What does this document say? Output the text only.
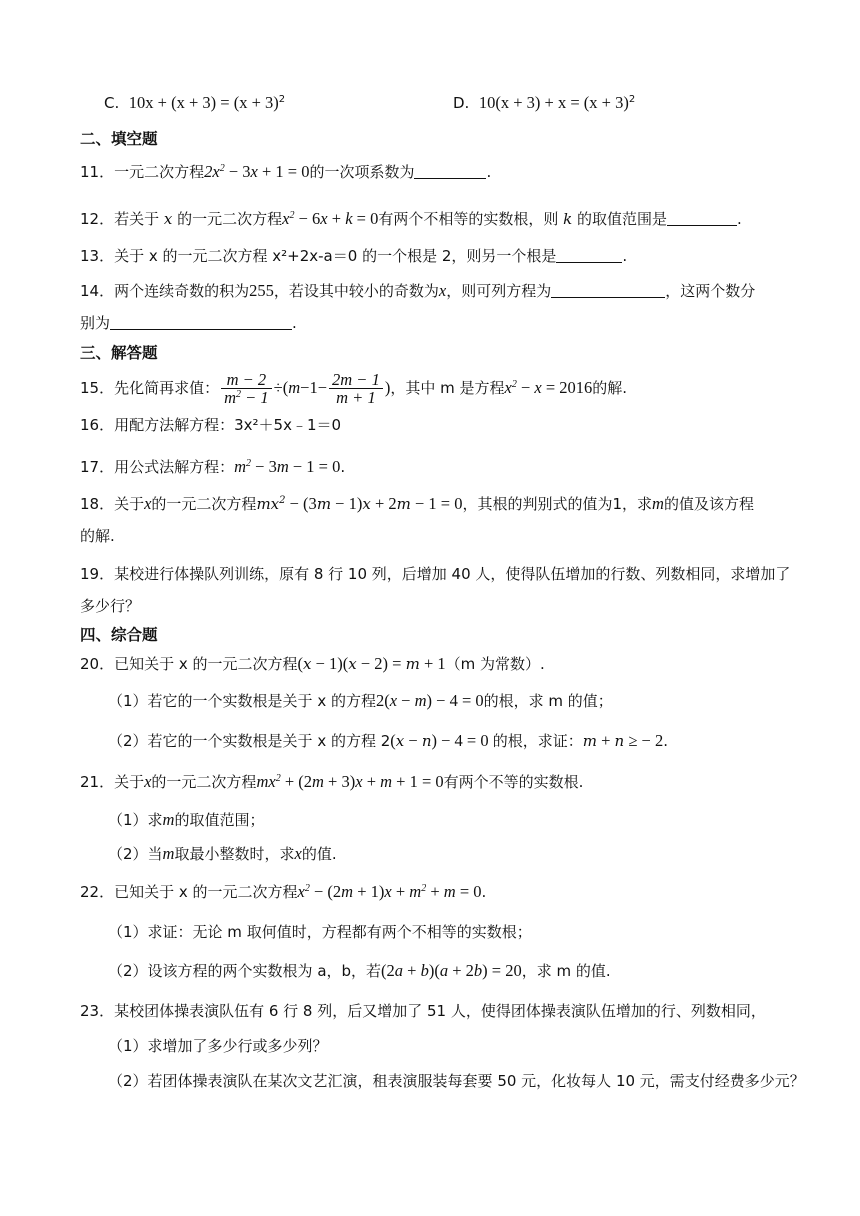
C. $10x + (x + 3) = (x + 3)^2$	D. $10(x + 3) + x = (x + 3)^2$
二、填空题
11．一元二次方程$2x^2 - 3x + 1 = 0$的一次项系数为	.
12．若关于 x 的一元二次方程$x^2 - 6x + k = 0$有两个不相等的实数根，则 k 的取值范围是	.
13．关于 x 的一元二次方程 x²+2x-a＝0 的一个根是 2，则另一个根是	.
14．两个连续奇数的积为255，若设其中较小的奇数为x，则可列方程为	，这两个数分
别为	.
三、解答题
15．先化简再求值： $\frac{m - 2}{m^2 - 1} \div(m-1- \frac{2m - 1}{m + 1}$ )，其中 m 是方程$x^2 - x = 2016$的解.
16．用配方法解方程：3x²＋5x﹣1＝0
17．用公式法解方程：$m^2 - 3m - 1 = 0$.
18．关于x的一元二次方程$mx^2 - (3m - 1)x + 2m - 1 = 0$，其根的判别式的值为1，求m的值及该方程
的解.
19．某校进行体操队列训练，原有 8 行 10 列，后增加 40 人，使得队伍增加的行数、列数相同，求增加了
多少行？
四、综合题
20．已知关于 x 的一元二次方程(x − 1)(x − 2) = m + 1（m 为常数）.
（1）若它的一个实数根是关于 x 的方程2(x − m) − 4 = 0的根，求 m 的值；
（2）若它的一个实数根是关于 x 的方程 2(x − n) − 4 = 0 的根，求证：m + n ≥ − 2.
21．关于x的一元二次方程$mx^2 + (2m + 3)x + m + 1 = 0$有两个不等的实数根.
（1）求m的取值范围；
（2）当m取最小整数时，求x的值.
22．已知关于 x 的一元二次方程$x^2 - (2m + 1)x + m^2 + m = 0$.
（1）求证：无论 m 取何值时，方程都有两个不相等的实数根；
（2）设该方程的两个实数根为 a，b，若(2a + b)(a + 2b) = 20，求 m 的值.
23．某校团体操表演队伍有 6 行 8 列，后又增加了 51 人，使得团体操表演队伍增加的行、列数相同，
（1）求增加了多少行或多少列？
（2）若团体操表演队在某次文艺汇演，租表演服装每套要 50 元，化妆每人 10 元，需支付经费多少元？
